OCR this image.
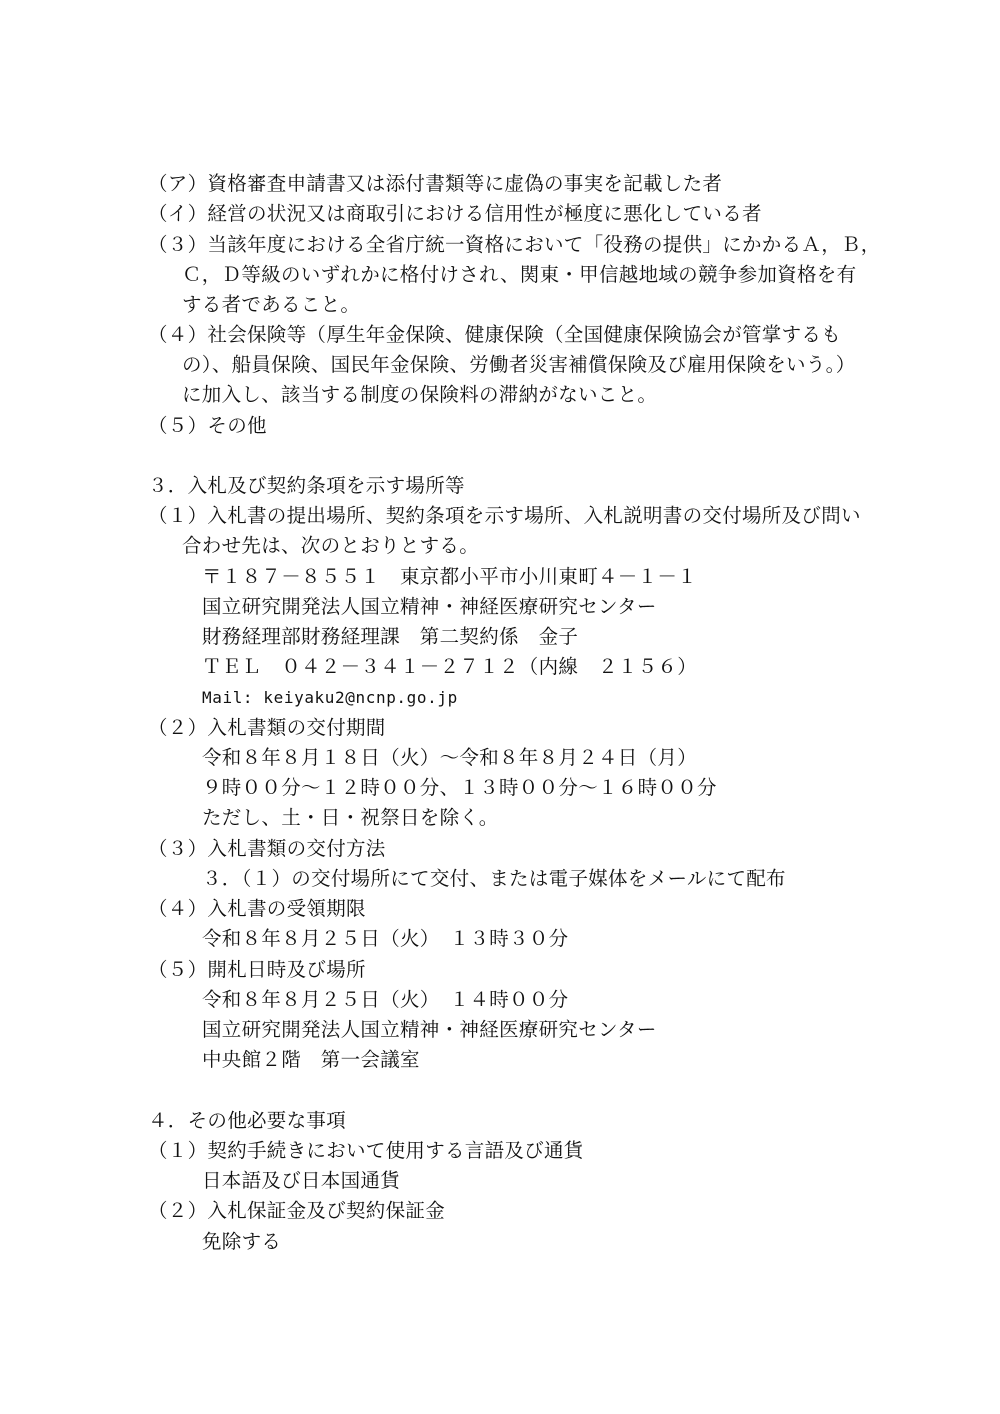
（ア）資格審査申請書又は添付書類等に虚偽の事実を記載した者
（イ）経営の状況又は商取引における信用性が極度に悪化している者
（３）当該年度における全省庁統一資格において「役務の提供」にかかるＡ，Ｂ，
Ｃ，Ｄ等級のいずれかに格付けされ、関東・甲信越地域の競争参加資格を有
する者であること。
（４）社会保険等（厚生年金保険、健康保険（全国健康保険協会が管掌するも
の）、船員保険、国民年金保険、労働者災害補償保険及び雇用保険をいう。）
に加入し、該当する制度の保険料の滞納がないこと。
（５）その他
３．入札及び契約条項を示す場所等
（１）入札書の提出場所、契約条項を示す場所、入札説明書の交付場所及び問い
合わせ先は、次のとおりとする。
〒１８７－８５５１　東京都小平市小川東町４－１－１
国立研究開発法人国立精神・神経医療研究センター
財務経理部財務経理課　第二契約係　金子
ＴＥＬ　０４２－３４１－２７１２（内線　２１５６）
Mail: keiyaku2@ncnp.go.jp
（２）入札書類の交付期間
令和８年８月１８日（火）～令和８年８月２４日（月）
９時００分～１２時００分、１３時００分～１６時００分
ただし、土・日・祝祭日を除く。
（３）入札書類の交付方法
３．（１）の交付場所にて交付、または電子媒体をメールにて配布
（４）入札書の受領期限
令和８年８月２５日（火）　１３時３０分
（５）開札日時及び場所
令和８年８月２５日（火）　１４時００分
国立研究開発法人国立精神・神経医療研究センター
中央館２階　第一会議室
４．その他必要な事項
（１）契約手続きにおいて使用する言語及び通貨
日本語及び日本国通貨
（２）入札保証金及び契約保証金
免除する
